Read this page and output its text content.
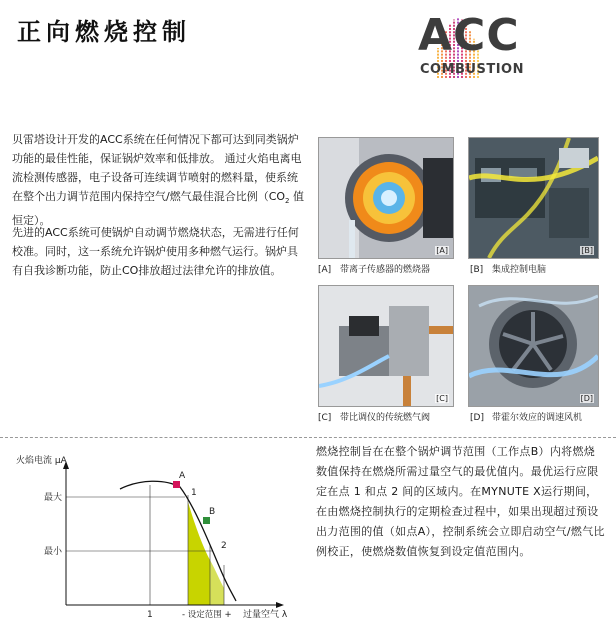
正向燃烧控制	ACC
COMBUSTION
贝雷塔设计开发的ACC系统在任何情况下都可达到同类锅炉功能的最佳性能，保证锅炉效率和低排放。 通过火焰电离电流检测传感器，电子设备可连续调节喷射的燃料量，使系统在整个出力调节范围内保持空气/燃气最佳混合比例（$CO_2$ 值恒定）。
先进的ACC系统可使锅炉自动调节燃烧状态，无需进行任何校准。同时，这一系统允许锅炉使用多种燃气运行。锅炉具有自我诊断功能，防止CO排放超过法律允许的排放值。
[A]
[A] 带离子传感器的燃烧器
[B]
[B] 集成控制电脑
[C]
[C] 带比调仪的传统燃气阀
[D]
[D] 带霍尔效应的调速风机
火焰电流 μA
最大
最小
1	- 设定范围 + 过量空气 λ
A
1
B
2
燃烧控制旨在在整个锅炉调节范围（工作点B）内将燃烧数值保持在燃烧所需过量空气的最优值内。最优运行应限定在点 1 和点 2 间的区域内。在MYNUTE X运行期间，在由燃烧控制执行的定期检查过程中，如果出现超过预设出力范围的值（如点A），控制系统会立即启动空气/燃气比例校正，使燃烧数值恢复到设定值范围内。
